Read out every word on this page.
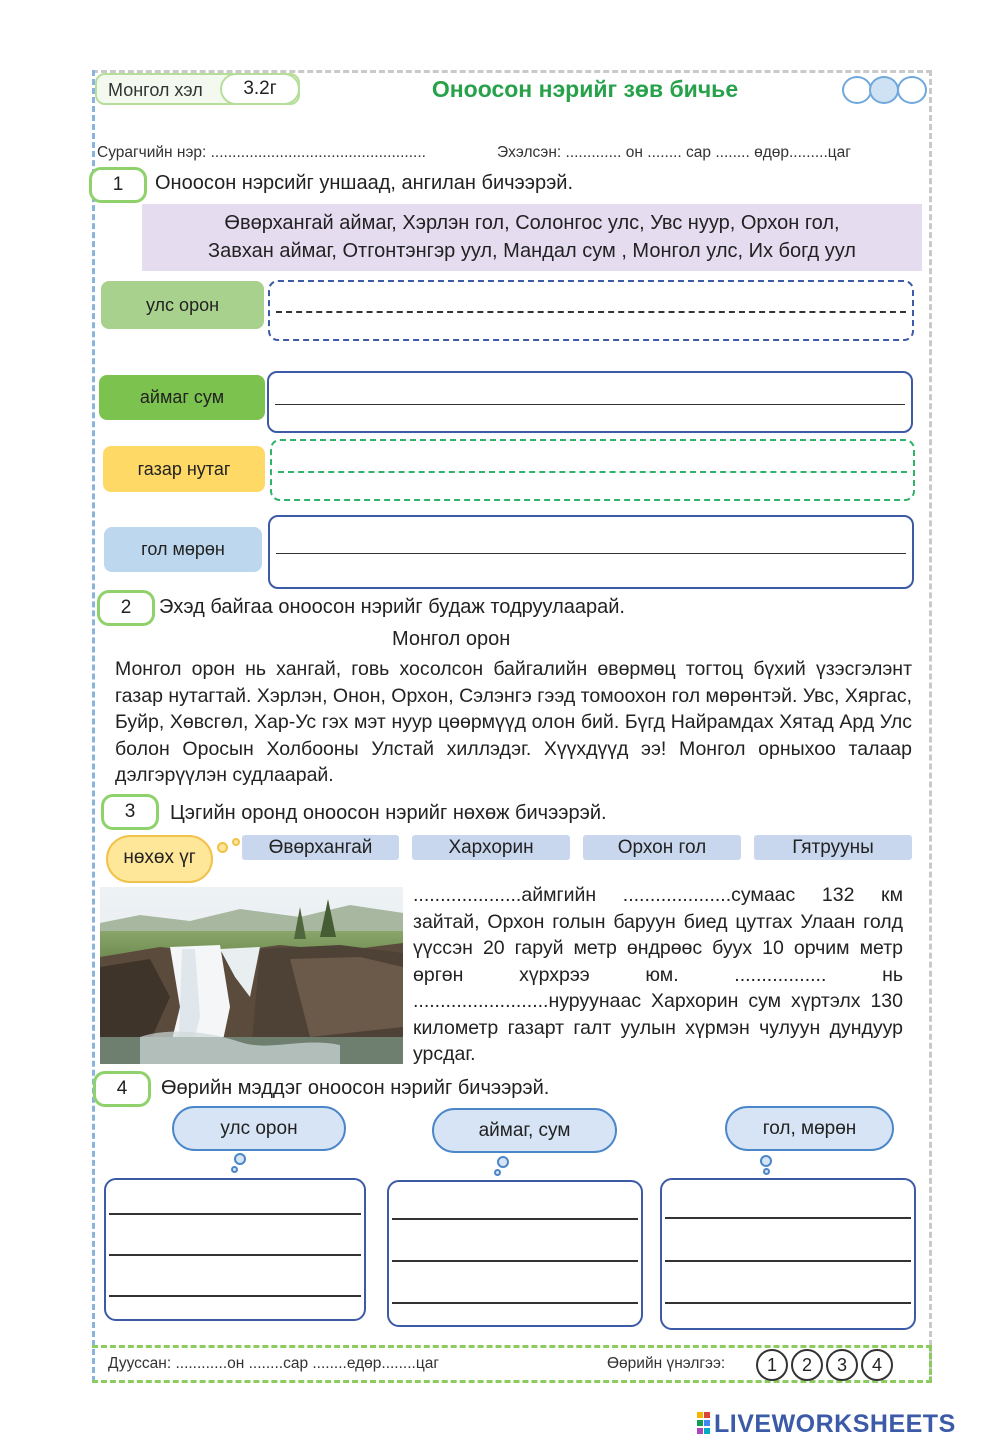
Монгол хэл	3.2г	Оноосон нэрийг зөв бичье
Сурагчийн нэр: ..................................................	Эхэлсэн: ............. он ........ сар ........ өдөр.........цаг
1	Оноосон нэрсийг уншаад, ангилан бичээрэй.
Өвөрхангай аймаг, Хэрлэн гол, Солонгос улс, Увс нуур, Орхон гол,
Завхан аймаг, Отгонтэнгэр уул, Мандал сум , Монгол улс, Их богд уул
улс орон
аймаг сум
газар нутаг
гол мөрөн
2	Эхэд байгаа оноосон нэрийг будаж тодруулаарай.
Монгол орон
Монгол орон нь хангай, говь хосолсон байгалийн өвөрмөц тогтоц бүхий үзэсгэлэнт газар нутагтай. Хэрлэн, Онон, Орхон, Сэлэнгэ гээд томоохон гол мөрөнтэй. Увс, Хяргас, Буйр, Хөвсгөл, Хар-Ус гэх мэт нуур цөөрмүүд олон бий. Бүгд Найрамдах Хятад Ард Улс болон Оросын Холбооны Улстай хиллэдэг. Хүүхдүүд ээ! Монгол орныхоо талаар дэлгэрүүлэн судлаарай.
3	Цэгийн оронд оноосон нэрийг нөхөж бичээрэй.
нөхөх үг	Өвөрхангай	Хархорин	Орхон гол	Гятрууны
....................аймгийн ....................сумаас 132 км зайтай, Орхон голын баруун биед цутгах Улаан голд үүссэн 20 гаруй метр өндрөөс буух 10 орчим метр өргөн хүрхрээ юм. ................. нь .........................нуруунаас Хархорин сум хүртэлх 130 километр газарт галт уулын хүрмэн чулуун дундуур урсдаг.
4	Өөрийн мэддэг оноосон нэрийг бичээрэй.
улс орон	аймаг, сум	гол, мөрөн
Дууссан: ............он ........сар ........едөр........цаг	Өөрийн үнэлгээ:	1	2	3	4
LIVEWORKSHEETS
